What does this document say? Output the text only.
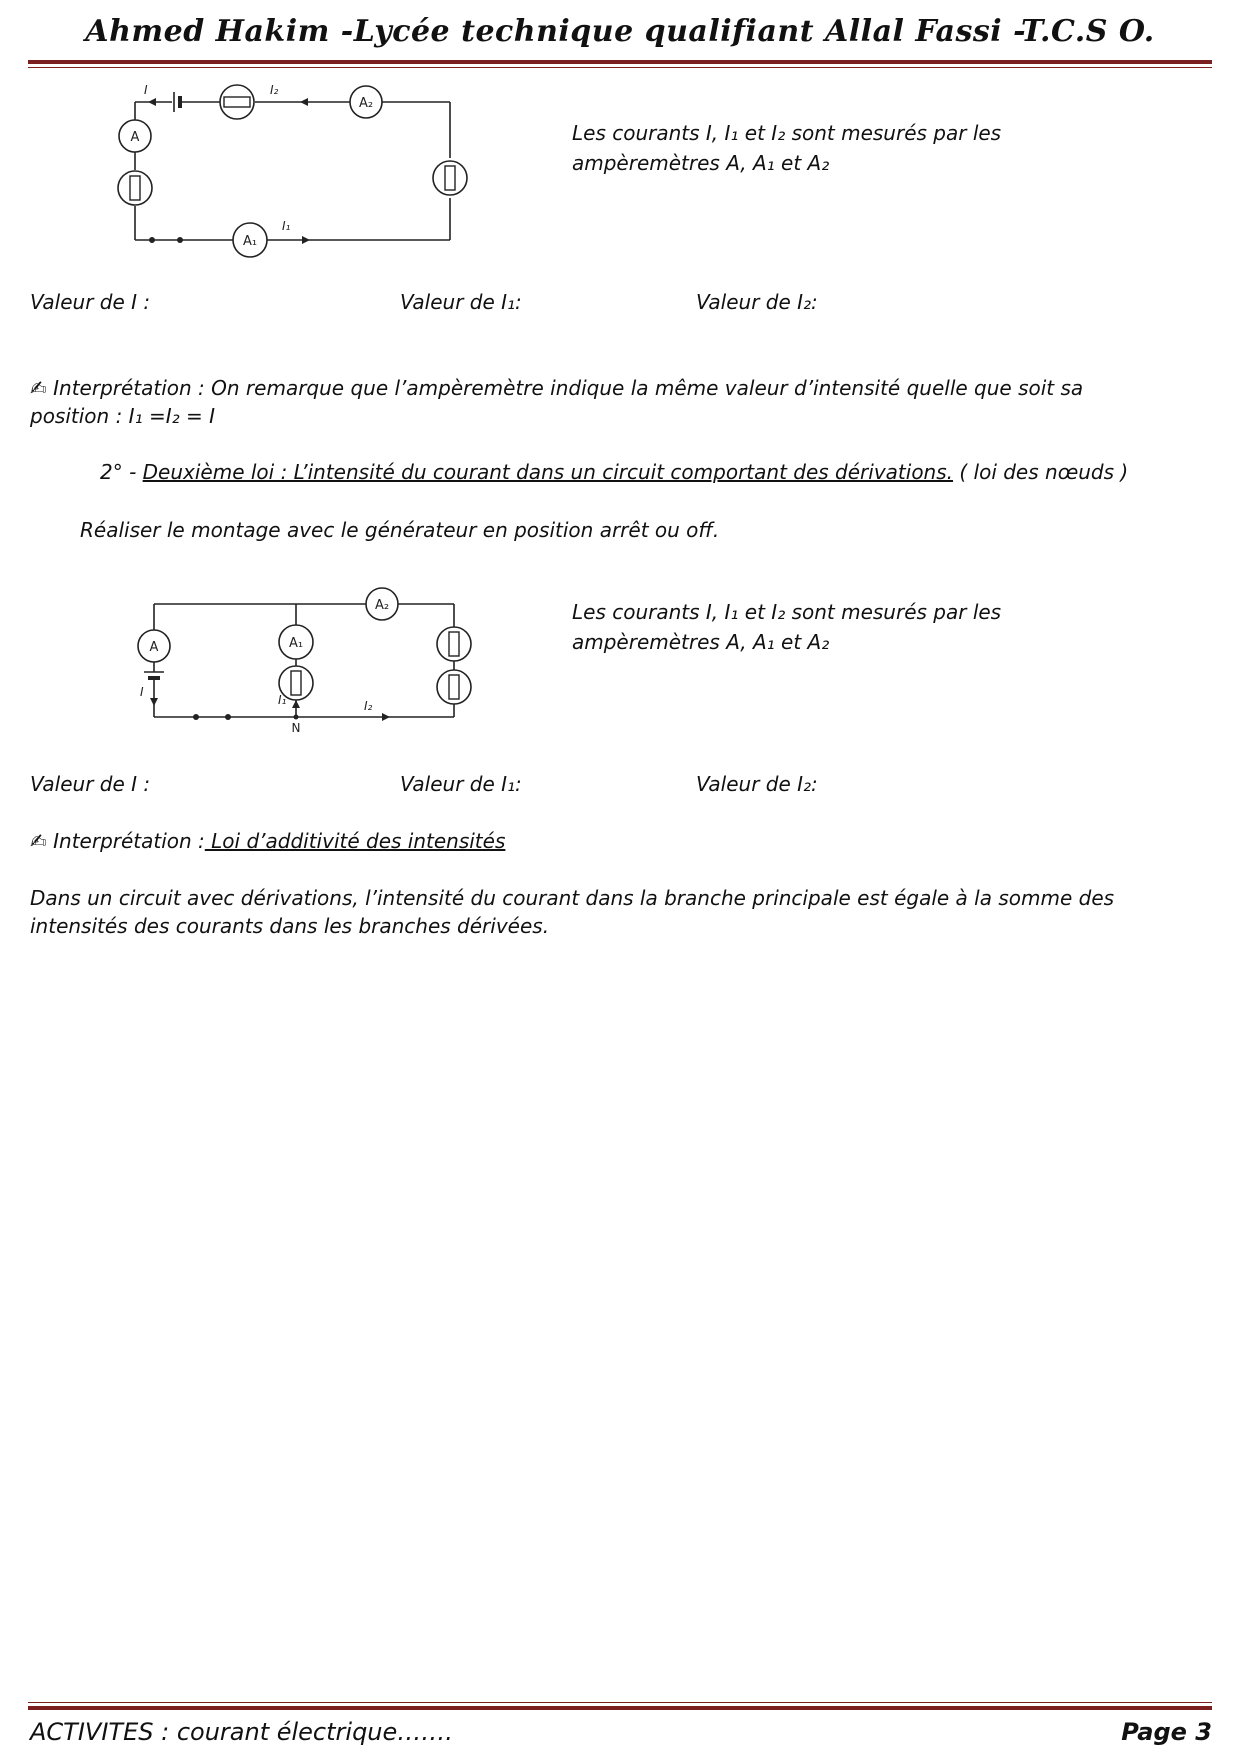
Ahmed Hakim -Lycée technique qualifiant Allal Fassi -T.C.S O.
A₂
A
A₁
I	I₂
I₁
Les courants I, I₁ et I₂ sont mesurés par les
ampèremètres A, A₁ et A₂
Valeur de I :	Valeur de I₁:	Valeur de I₂:
✍ Interprétation : On remarque que l’ampèremètre indique la même valeur d’intensité quelle que soit sa
position : I₁ =I₂ = I
2° - Deuxième loi : L’intensité du courant dans un circuit comportant des dérivations. ( loi des nœuds )
Réaliser le montage avec le générateur en position arrêt ou off.
A	A₁
A₂
N
I
I₁	I₂
Les courants I, I₁ et I₂ sont mesurés par les
ampèremètres A, A₁ et A₂
Valeur de I :	Valeur de I₁:	Valeur de I₂:
✍ Interprétation : Loi d’additivité des intensités
Dans un circuit avec dérivations, l’intensité du courant dans la branche principale est égale à la somme des
intensités des courants dans les branches dérivées.
ACTIVITES : courant électrique…….	Page 3
